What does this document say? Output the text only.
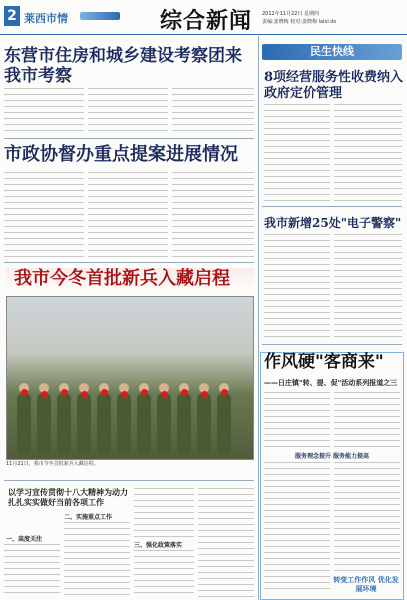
2 莱西市情	综合新闻 2012年11月22日 星期四
责编:姜晓梅 校对:姜晓梅 laixi.ds
东营市住房和城乡建设考察团来我市考察
市政协督办重点提案进展情况
我市今冬首批新兵入藏启程
11月21日，我市今冬首批新兵入藏启程。
以学习宣传贯彻十八大精神为动力 扎扎实实做好当前各项工作
一、高度关注
二、实施重点工作
三、强化政策落实
民生快线
8项经营服务性收费纳入政府定价管理
我市新增25处"电子警察"
作风硬"客商来"
——日庄镇"转、提、促"活动系列报道之三
服务理念提升 服务能力提高
转变工作作风 优化发展环境
